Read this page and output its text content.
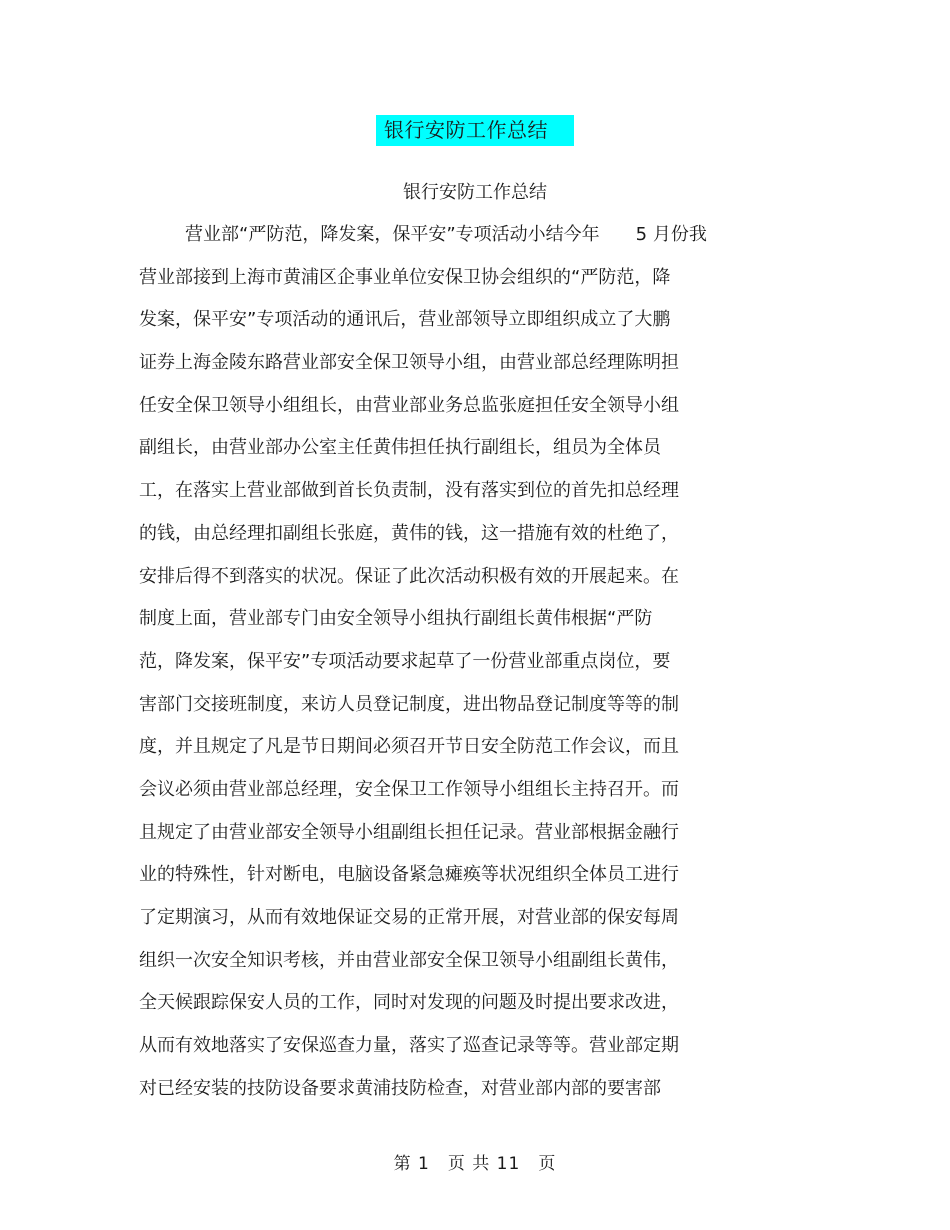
银行安防工作总结
银行安防工作总结
营业部“严防范，降发案，保平安”专项活动小结今年　　5 月份我
营业部接到上海市黄浦区企事业单位安保卫协会组织的“严防范，降
发案，保平安”专项活动的通讯后，营业部领导立即组织成立了大鹏
证券上海金陵东路营业部安全保卫领导小组，由营业部总经理陈明担
任安全保卫领导小组组长，由营业部业务总监张庭担任安全领导小组
副组长，由营业部办公室主任黄伟担任执行副组长，组员为全体员
工，在落实上营业部做到首长负责制，没有落实到位的首先扣总经理
的钱，由总经理扣副组长张庭，黄伟的钱，这一措施有效的杜绝了，
安排后得不到落实的状况。保证了此次活动积极有效的开展起来。在
制度上面，营业部专门由安全领导小组执行副组长黄伟根据“严防
范，降发案，保平安”专项活动要求起草了一份营业部重点岗位，要
害部门交接班制度，来访人员登记制度，进出物品登记制度等等的制
度，并且规定了凡是节日期间必须召开节日安全防范工作会议，而且
会议必须由营业部总经理，安全保卫工作领导小组组长主持召开。而
且规定了由营业部安全领导小组副组长担任记录。营业部根据金融行
业的特殊性，针对断电，电脑设备紧急瘫痪等状况组织全体员工进行
了定期演习，从而有效地保证交易的正常开展，对营业部的保安每周
组织一次安全知识考核，并由营业部安全保卫领导小组副组长黄伟，
全天候跟踪保安人员的工作，同时对发现的问题及时提出要求改进，
从而有效地落实了安保巡查力量，落实了巡查记录等等。营业部定期
对已经安装的技防设备要求黄浦技防检查，对营业部内部的要害部
第 1　页 共 11　页
